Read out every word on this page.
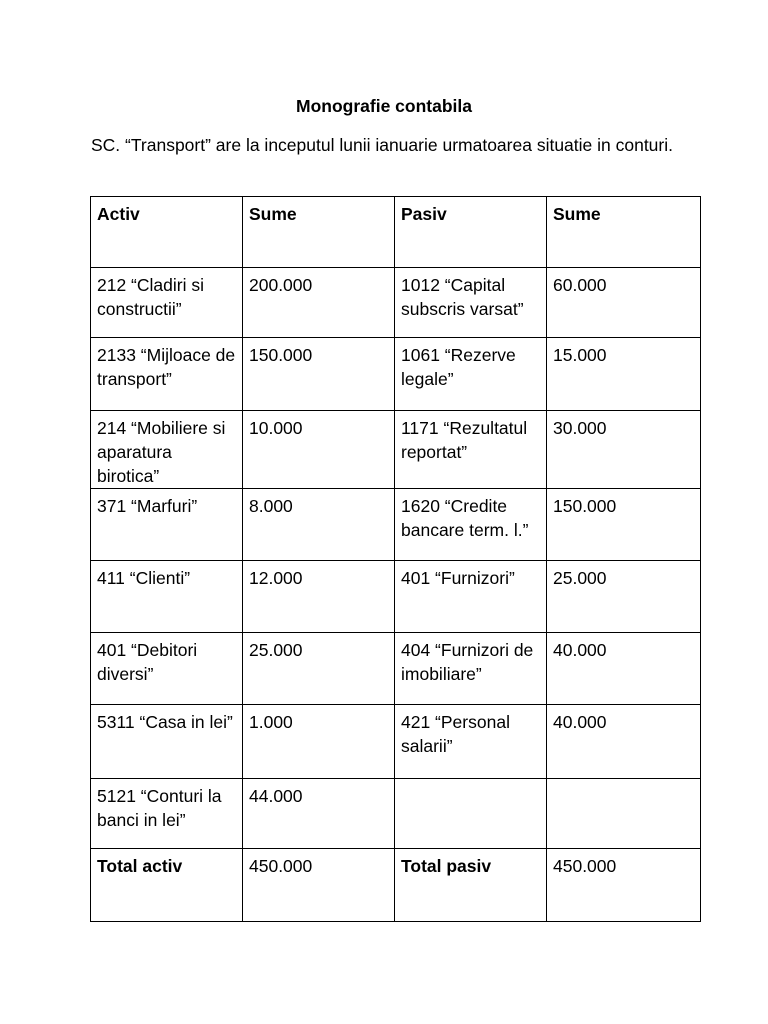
Monografie contabila
SC. “Transport” are la inceputul lunii ianuarie urmatoarea situatie in conturi.
Activ	Sume	Pasiv	Sume
212 “Cladiri si constructii”	200.000	1012 “Capital subscris varsat”	60.000
2133 “Mijloace de transport”	150.000	1061 “Rezerve legale”	15.000
214 “Mobiliere si aparatura birotica”	10.000	1171 “Rezultatul reportat”	30.000
371 “Marfuri”	8.000	1620 “Credite bancare term. l.”	150.000
411 “Clienti”	12.000	401 “Furnizori”	25.000
401 “Debitori diversi”	25.000	404 “Furnizori de imobiliare”	40.000
5311 “Casa in lei”	1.000	421 “Personal salarii”	40.000
5121 “Conturi la banci in lei”	44.000		
Total activ	450.000	Total pasiv	450.000
